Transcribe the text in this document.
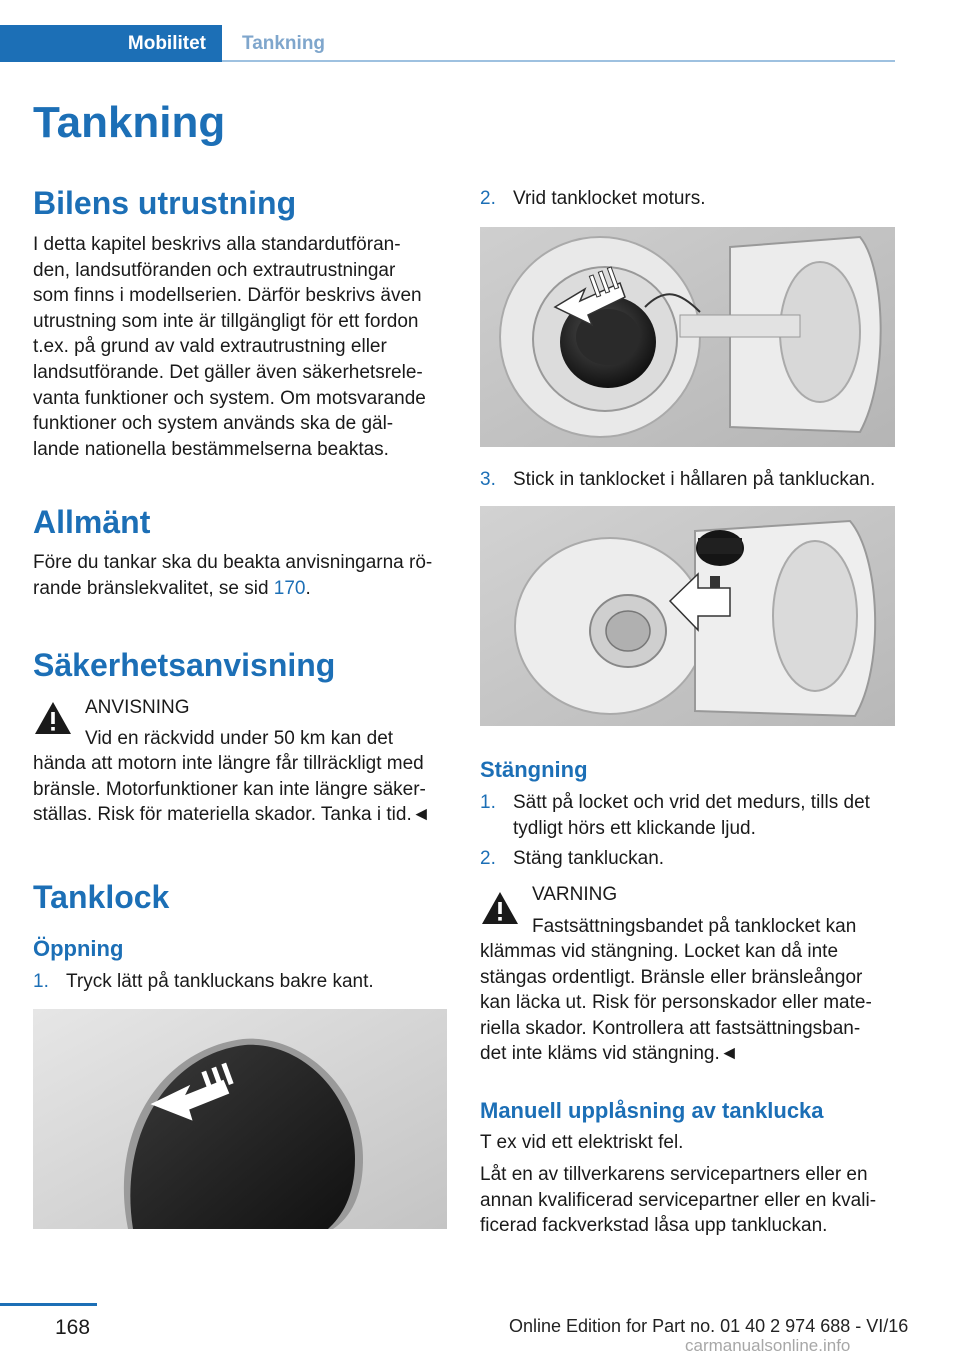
Mobilitet	Tankning
Tankning
Bilens utrustning
I detta kapitel beskrivs alla standardutföran‐
den, landsutföranden och extrautrustningar
som finns i modellserien. Därför beskrivs även
utrustning som inte är tillgängligt för ett fordon
t.ex. på grund av vald extrautrustning eller
landsutförande. Det gäller även säkerhetsrele‐
vanta funktioner och system. Om motsvarande
funktioner och system används ska de gäl‐
lande nationella bestämmelserna beaktas.
Allmänt
Före du tankar ska du beakta anvisningarna rö‐
rande bränslekvalitet, se sid 170.
Säkerhetsanvisning
ANVISNING
Vid en räckvidd under 50 km kan det
hända att motorn inte längre får tillräckligt med
bränsle. Motorfunktioner kan inte längre säker‐
ställas. Risk för materiella skador. Tanka i tid.◄
Tanklock
Öppning
1. Tryck lätt på tankluckans bakre kant.
2. Vrid tanklocket moturs.
3. Stick in tanklocket i hållaren på tankluckan.
Stängning
1. Sätt på locket och vrid det medurs, tills det
tydligt hörs ett klickande ljud.
2. Stäng tankluckan.
VARNING
Fastsättningsbandet på tanklocket kan
klämmas vid stängning. Locket kan då inte
stängas ordentligt. Bränsle eller bränsleångor
kan läcka ut. Risk för personskador eller mate‐
riella skador. Kontrollera att fastsättningsban‐
det inte kläms vid stängning.◄
Manuell upplåsning av tanklucka
T ex vid ett elektriskt fel.
Låt en av tillverkarens servicepartners eller en
annan kvalificerad servicepartner eller en kvali‐
ficerad fackverkstad låsa upp tankluckan.
168	Online Edition for Part no. 01 40 2 974 688 - VI/16
carmanualsonline.info
